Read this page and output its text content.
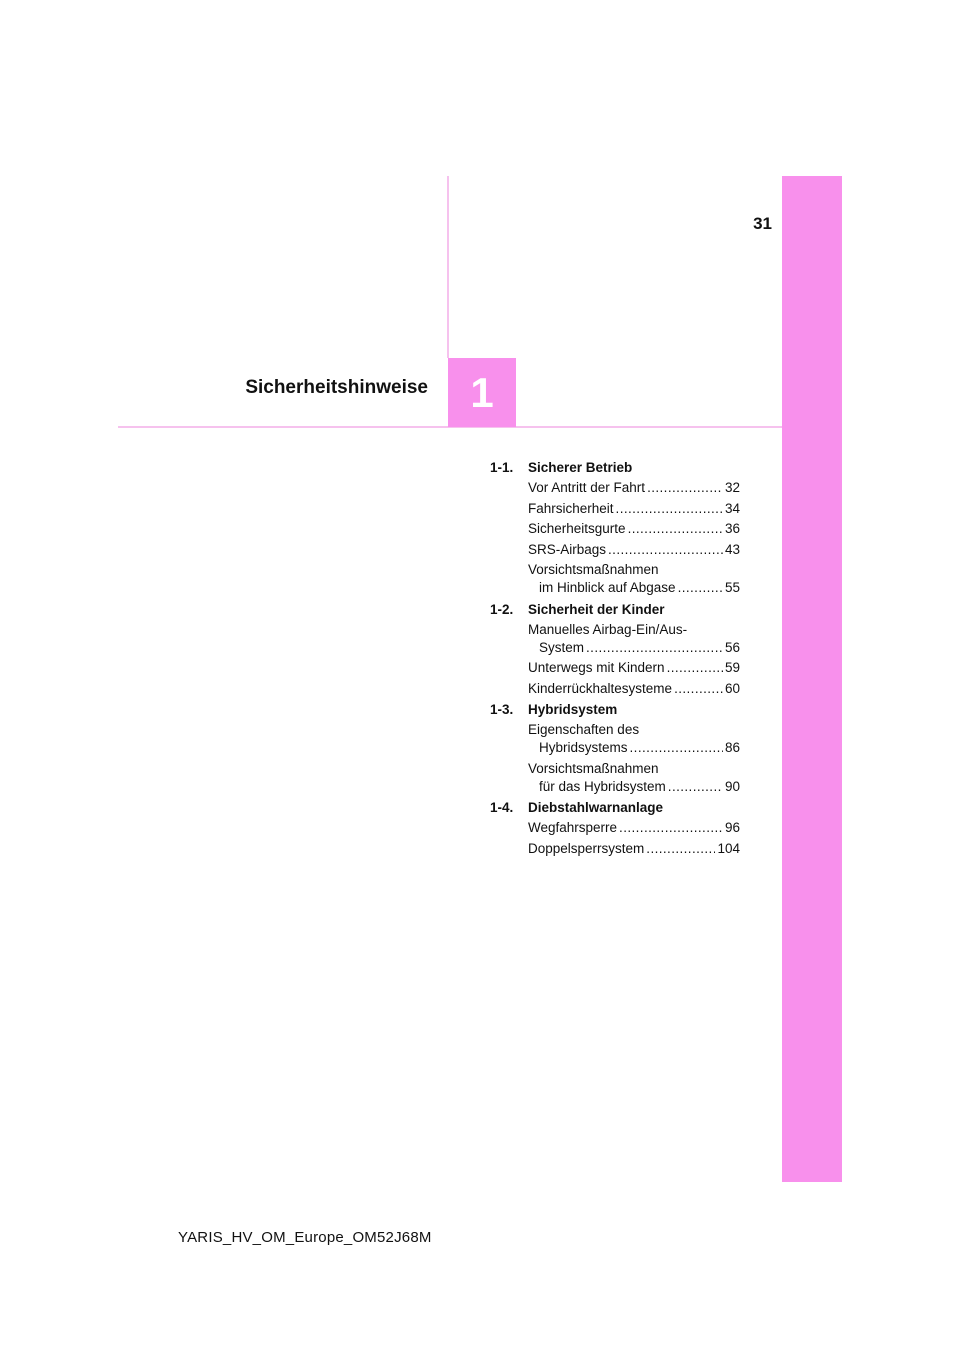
31
Sicherheitshinweise 1
1-1.	Sicherer Betrieb
Vor Antritt der Fahrt .....	32
Fahrsicherheit .....	34
Sicherheitsgurte .....	36
SRS-Airbags .....	43
Vorsichtsmaßnahmen
im Hinblick auf Abgase .....	55
1-2.	Sicherheit der Kinder
Manuelles Airbag-Ein/Aus-
System .....	56
Unterwegs mit Kindern .....	59
Kinderrückhaltesysteme .....	60
1-3.	Hybridsystem
Eigenschaften des
Hybridsystems .....	86
Vorsichtsmaßnahmen
für das Hybridsystem .....	90
1-4.	Diebstahlwarnanlage
Wegfahrsperre .....	96
Doppelsperrsystem .....	104
YARIS_HV_OM_Europe_OM52J68M
